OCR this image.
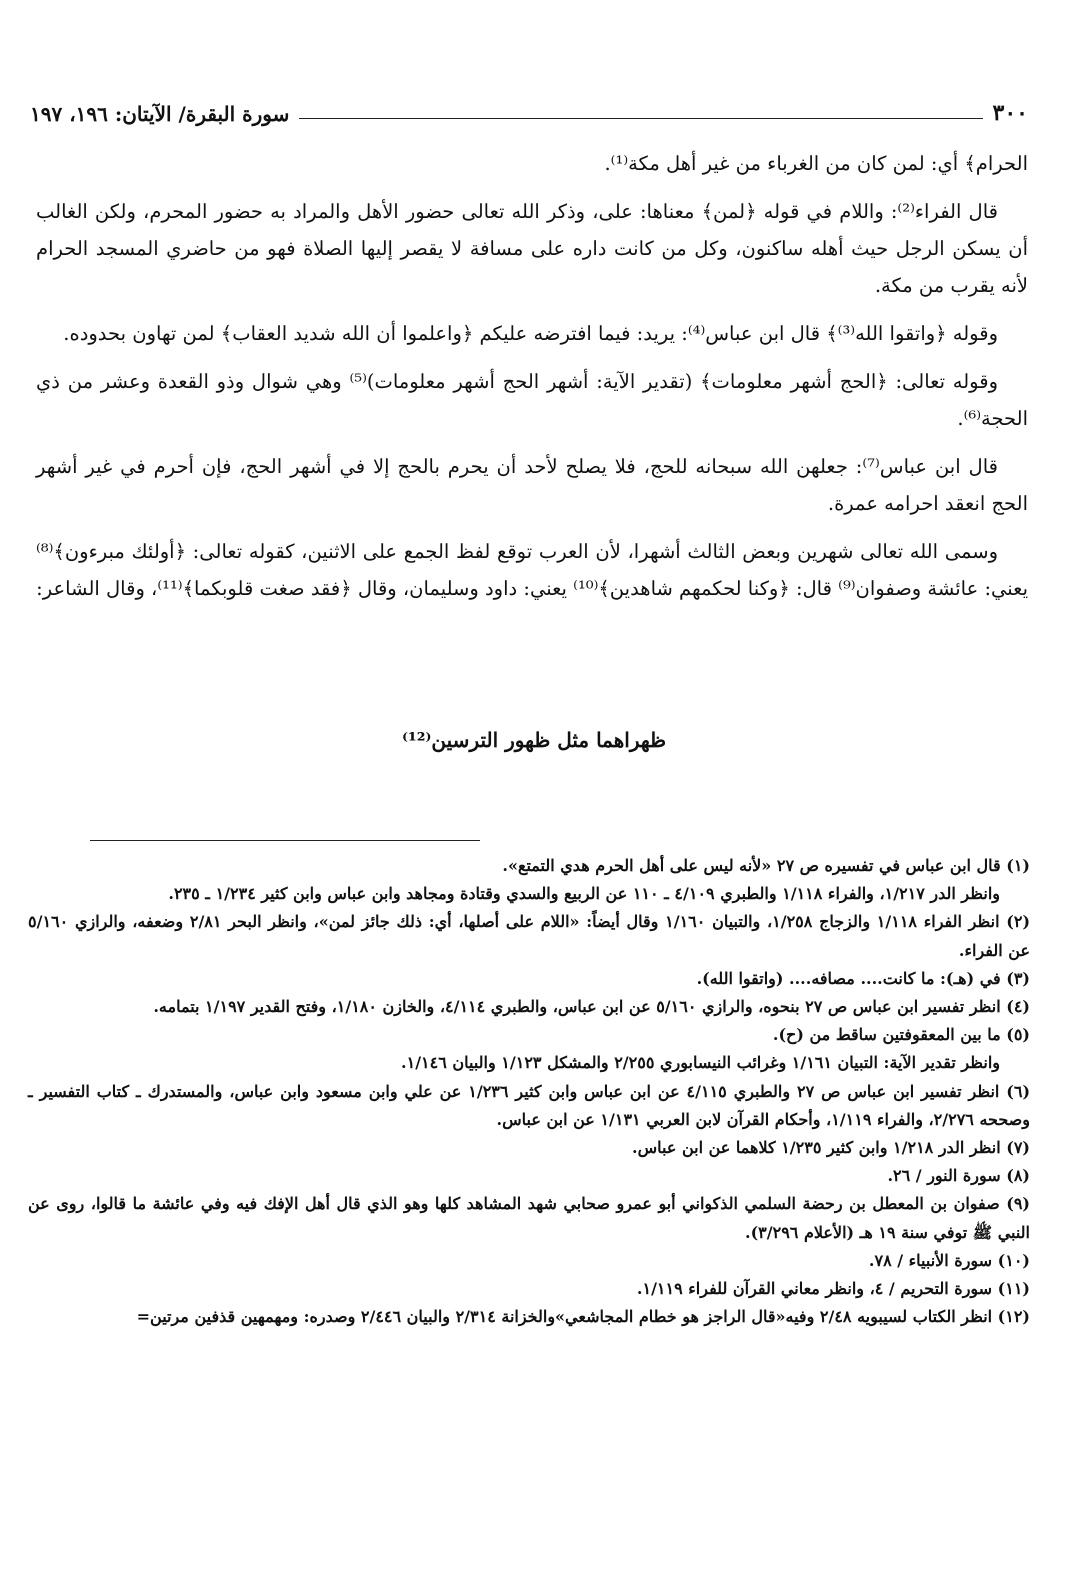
٣٠٠
سورة البقرة/ الآيتان: ١٩٦، ١٩٧

الحرام﴾ أي: لمن كان من الغرباء من غير أهل مكة⁽¹⁾.

قال الفراء⁽²⁾: واللام في قوله ﴿لمن﴾ معناها: على، وذكر الله تعالى حضور الأهل والمراد به حضور المحرم، ولكن الغالب أن يسكن الرجل حيث أهله ساكنون، وكل من كانت داره على مسافة لا يقصر إليها الصلاة فهو من حاضري المسجد الحرام لأنه يقرب من مكة.

وقوله ﴿واتقوا الله⁽³⁾﴾ قال ابن عباس⁽⁴⁾: يريد: فيما افترضه عليكم ﴿واعلموا أن الله شديد العقاب﴾ لمن تهاون بحدوده.

وقوله تعالى: ﴿الحج أشهر معلومات﴾ (تقدير الآية: أشهر الحج أشهر معلومات)⁽⁵⁾ وهي شوال وذو القعدة وعشر من ذي الحجة⁽⁶⁾.

قال ابن عباس⁽⁷⁾: جعلهن الله سبحانه للحج، فلا يصلح لأحد أن يحرم بالحج إلا في أشهر الحج، فإن أحرم في غير أشهر الحج انعقد احرامه عمرة.

وسمى الله تعالى شهرين وبعض الثالث أشهرا، لأن العرب توقع لفظ الجمع على الاثنين، كقوله تعالى: ﴿أولئك مبرءون﴾⁽⁸⁾ يعني: عائشة وصفوان⁽⁹⁾ قال: ﴿وكنا لحكمهم شاهدين﴾⁽¹⁰⁾ يعني: داود وسليمان، وقال ﴿فقد صغت قلوبكما﴾⁽¹¹⁾، وقال الشاعر:

ظهراهما مثل ظهور الترسين⁽¹²⁾

(١) قال ابن عباس في تفسيره ص ٢٧ «لأنه ليس على أهل الحرم هدي التمتع».

وانظر الدر ١/٢١٧، والفراء ١/١١٨ والطبري ٤/١٠٩ ـ ١١٠ عن الربيع والسدي وقتادة ومجاهد وابن عباس وابن كثير ١/٢٣٤ ـ ٢٣٥.

(٢) انظر الفراء ١/١١٨ والزجاج ١/٢٥٨، والتبيان ١/١٦٠ وقال أيضاً: «اللام على أصلها، أي: ذلك جائز لمن»، وانظر البحر ٢/٨١ وضعفه، والرازي ٥/١٦٠ عن الفراء.

(٣) في (هـ): ما كانت.... مصافه.... (واتقوا الله).

(٤) انظر تفسير ابن عباس ص ٢٧ بنحوه، والرازي ٥/١٦٠ عن ابن عباس، والطبري ٤/١١٤، والخازن ١/١٨٠، وفتح القدير ١/١٩٧ بتمامه.

(٥) ما بين المعقوفتين ساقط من (ح).

وانظر تقدير الآية: التبيان ١/١٦١ وغرائب النيسابوري ٢/٢٥٥ والمشكل ١/١٢٣ والبيان ١/١٤٦.

(٦) انظر تفسير ابن عباس ص ٢٧ والطبري ٤/١١٥ عن ابن عباس وابن كثير ١/٢٣٦ عن علي وابن مسعود وابن عباس، والمستدرك ـ كتاب التفسير ـ وصححه ٢/٢٧٦، والفراء ١/١١٩، وأحكام القرآن لابن العربي ١/١٣١ عن ابن عباس.

(٧) انظر الدر ١/٢١٨ وابن كثير ١/٢٣٥ كلاهما عن ابن عباس.

(٨) سورة النور / ٢٦.

(٩) صفوان بن المعطل بن رحضة السلمي الذكواني أبو عمرو صحابي شهد المشاهد كلها وهو الذي قال أهل الإفك فيه وفي عائشة ما قالوا، روى عن النبي ﷺ توفي سنة ١٩ هـ (الأعلام ٣/٢٩٦).

(١٠) سورة الأنبياء / ٧٨.

(١١) سورة التحريم / ٤، وانظر معاني القرآن للفراء ١/١١٩.

(١٢) انظر الكتاب لسيبويه ٢/٤٨ وفيه«قال الراجز هو خطام المجاشعي»والخزانة ٢/٣١٤ والبيان ٢/٤٤٦ وصدره: ومهمهين قذفين مرتين=
